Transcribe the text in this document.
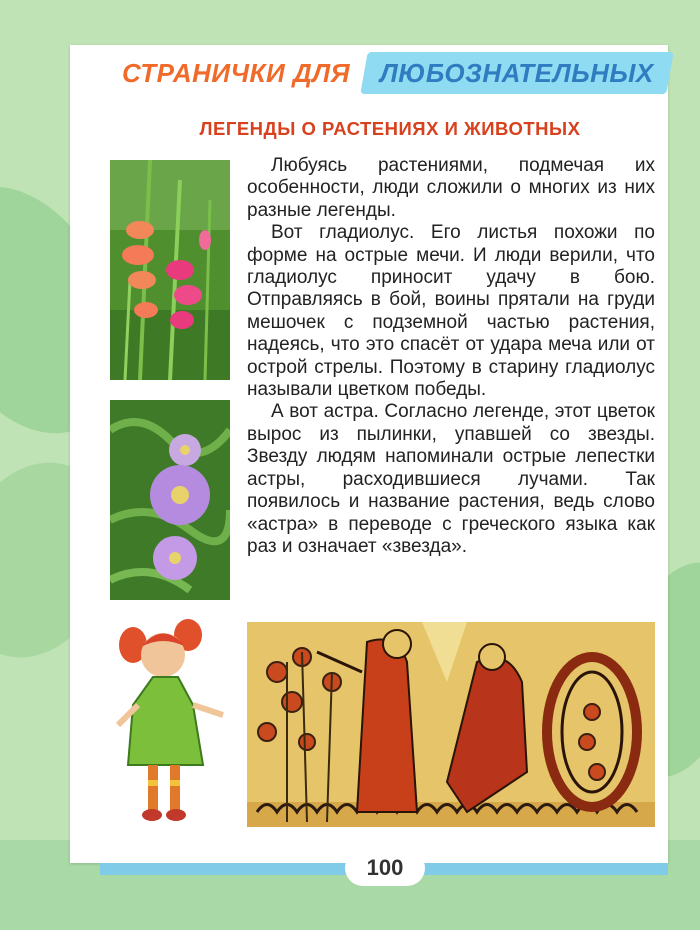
СТРАНИЧКИ ДЛЯ	ЛЮБОЗНАТЕЛЬНЫХ
ЛЕГЕНДЫ О РАСТЕНИЯХ И ЖИВОТНЫХ

Любуясь растениями, подмечая их особенности, люди сложили о многих из них разные легенды.

Вот гладиолус. Его листья похожи по форме на острые мечи. И люди верили, что гладиолус приносит удачу в бою. Отправляясь в бой, воины прятали на груди мешочек с подземной частью растения, надеясь, что это спасёт от удара меча или от острой стрелы. Поэтому в старину гладиолус называли цветком победы.

А вот астра. Согласно легенде, этот цветок вырос из пылинки, упавшей со звезды. Звезду людям напоминали острые лепестки астры, расходившиеся лучами. Так появилось и название растения, ведь слово «астра» в переводе с греческого языка как раз и означает «звезда».

100
